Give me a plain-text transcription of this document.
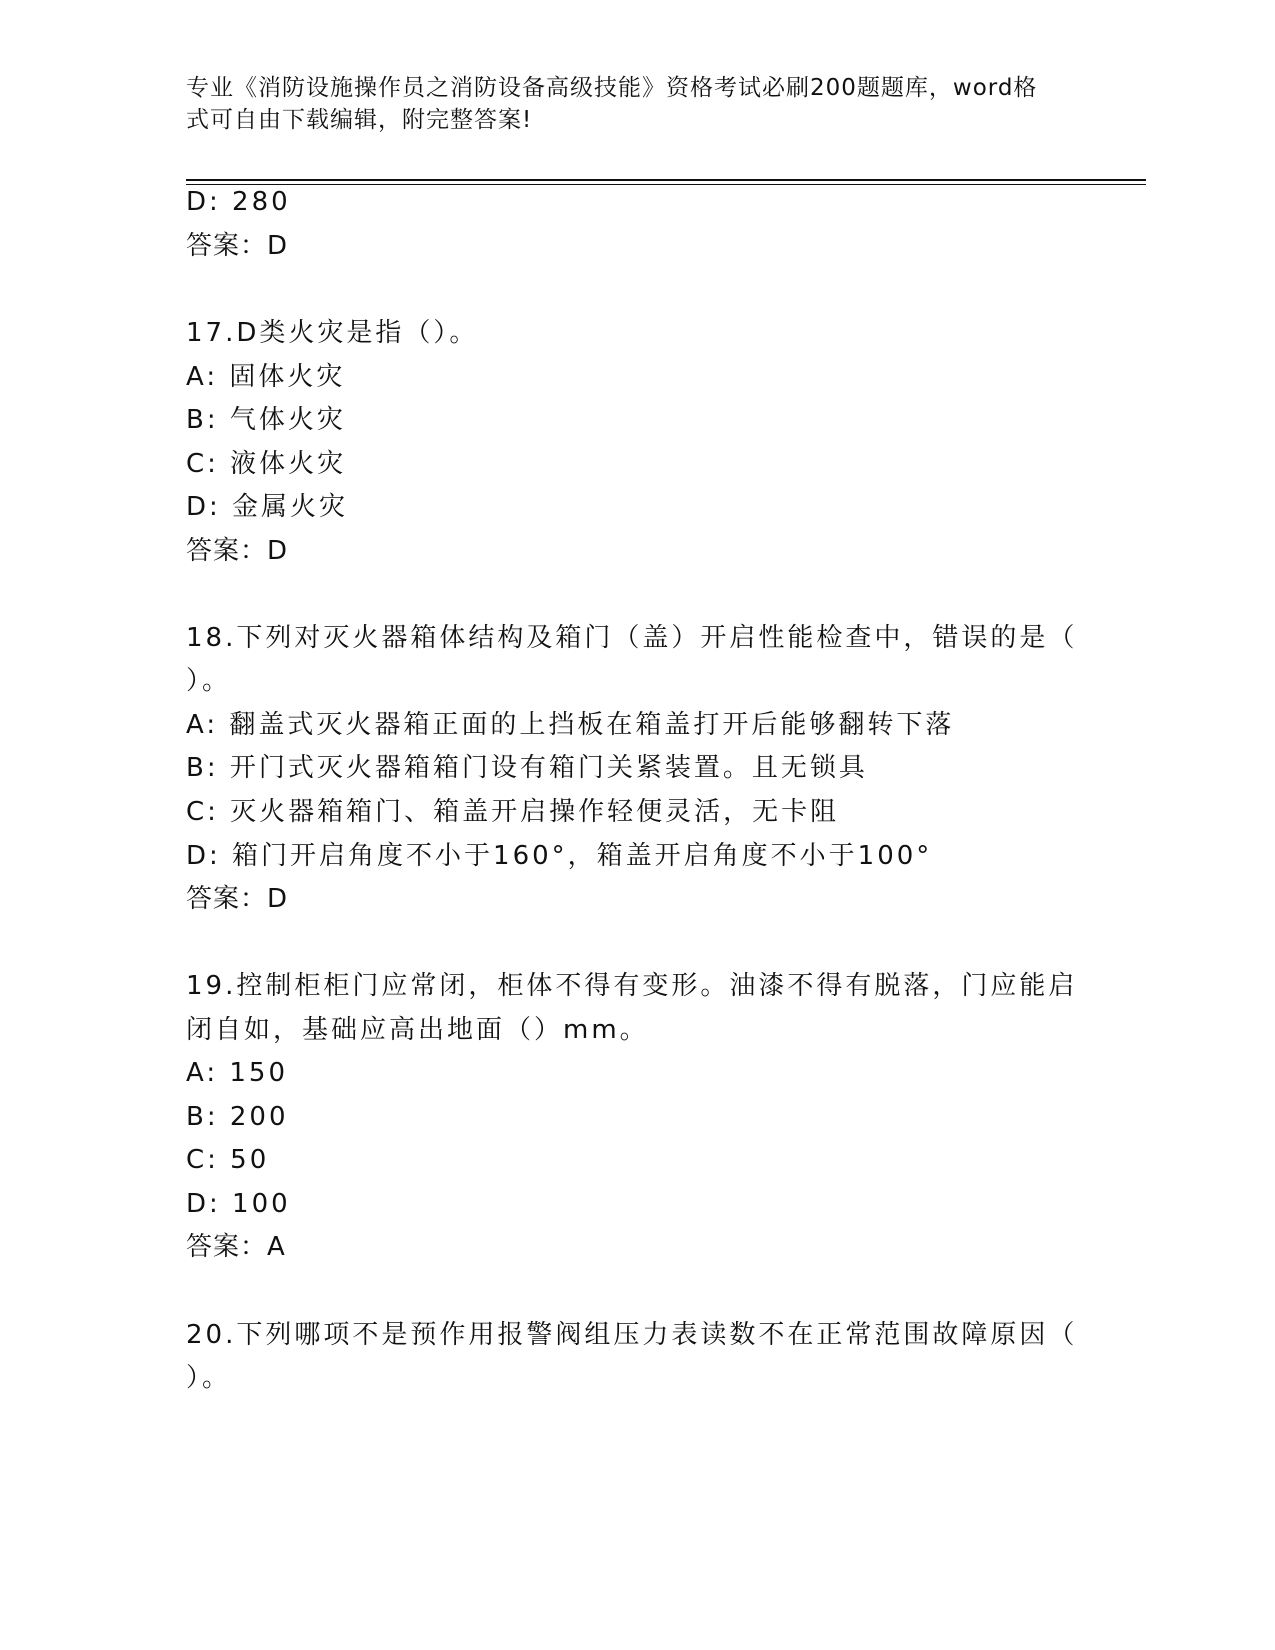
专业《消防设施操作员之消防设备高级技能》资格考试必刷200题题库，word格
式可自由下载编辑，附完整答案!
D: 280
答案：D
17.D类火灾是指（）。
A: 固体火灾
B: 气体火灾
C: 液体火灾
D: 金属火灾
答案：D
18.下列对灭火器箱体结构及箱门（盖）开启性能检查中，错误的是（
）。
A: 翻盖式灭火器箱正面的上挡板在箱盖打开后能够翻转下落
B: 开门式灭火器箱箱门设有箱门关紧装置。且无锁具
C: 灭火器箱箱门、箱盖开启操作轻便灵活，无卡阻
D: 箱门开启角度不小于160°，箱盖开启角度不小于100°
答案：D
19.控制柜柜门应常闭，柜体不得有变形。油漆不得有脱落，门应能启
闭自如，基础应高出地面（）mm。
A: 150
B: 200
C: 50
D: 100
答案：A
20.下列哪项不是预作用报警阀组压力表读数不在正常范围故障原因（
）。
